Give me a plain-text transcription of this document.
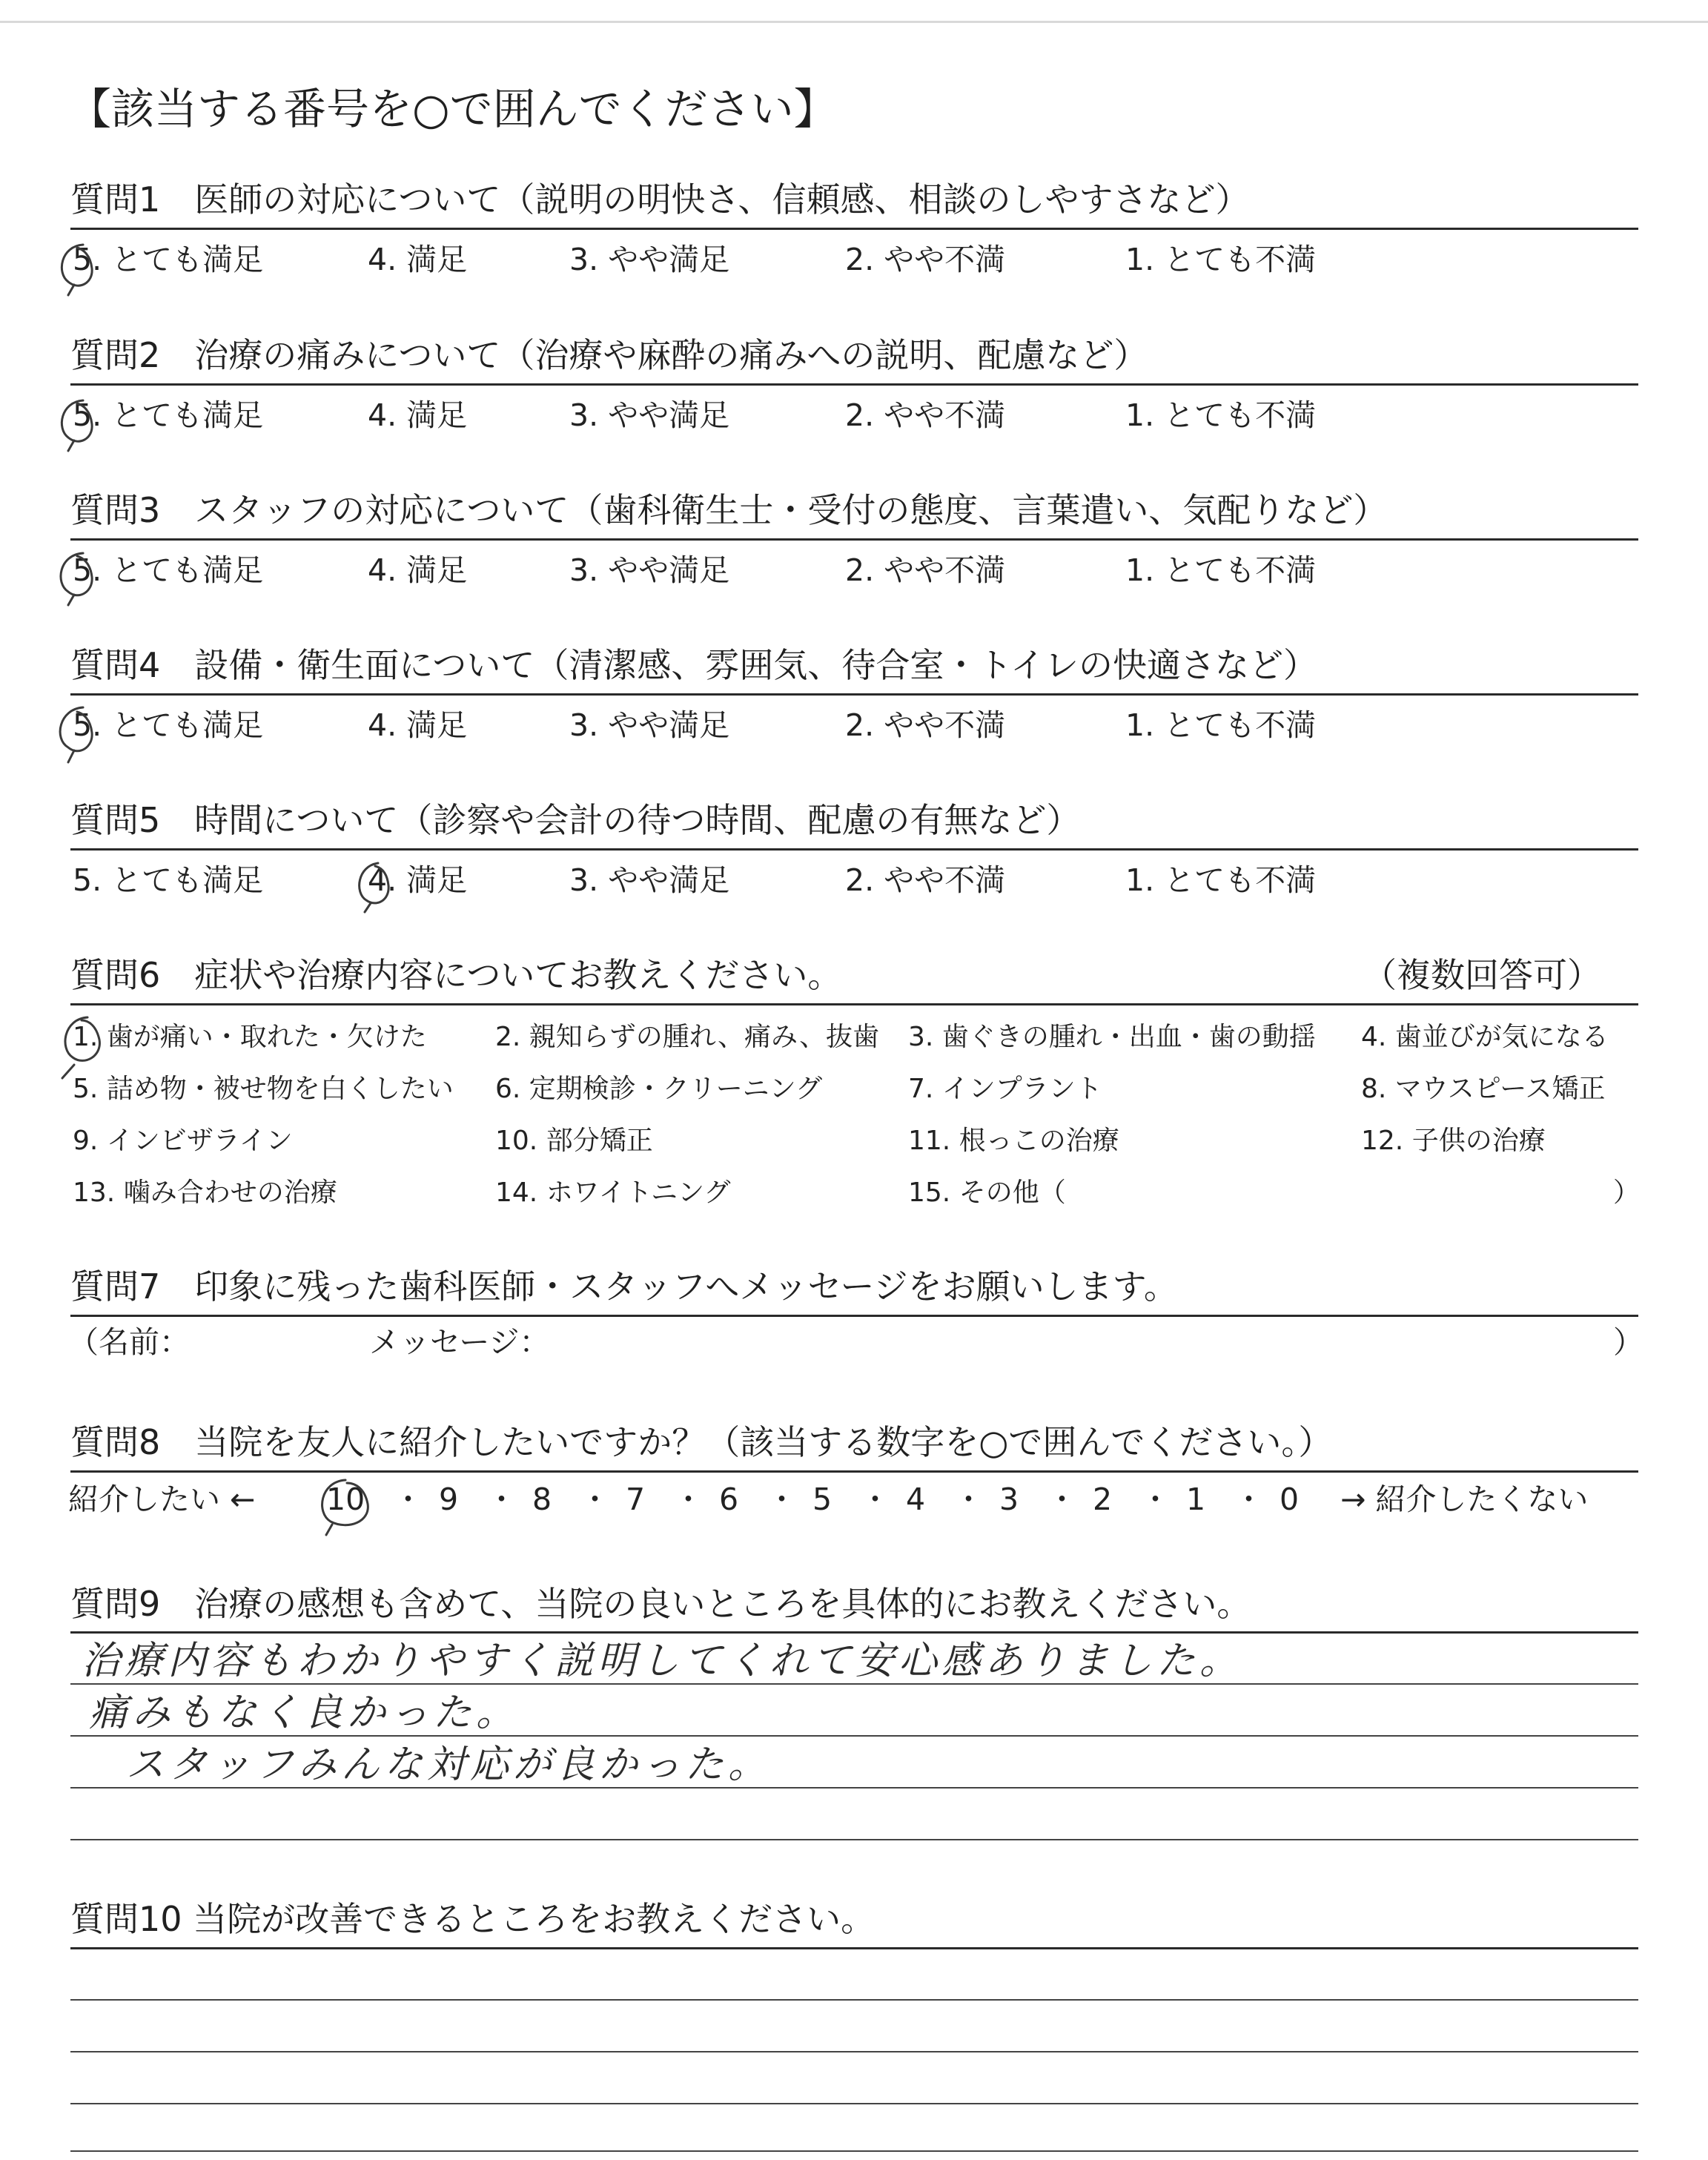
【該当する番号を○で囲んでください】
質問1　医師の対応について（説明の明快さ、信頼感、相談のしやすさなど）
5. とても満足	4. 満足	3. やや満足	2. やや不満	1. とても不満
質問2　治療の痛みについて（治療や麻酔の痛みへの説明、配慮など）
5. とても満足	4. 満足	3. やや満足	2. やや不満	1. とても不満
質問3　スタッフの対応について（歯科衛生士・受付の態度、言葉遣い、気配りなど）
5. とても満足	4. 満足	3. やや満足	2. やや不満	1. とても不満
質問4　設備・衛生面について（清潔感、雰囲気、待合室・トイレの快適さなど）
5. とても満足	4. 満足	3. やや満足	2. やや不満	1. とても不満
質問5　時間について（診察や会計の待つ時間、配慮の有無など）
5. とても満足	4. 満足	3. やや満足	2. やや不満	1. とても不満
質問6　症状や治療内容についてお教えください。	（複数回答可）
1. 歯が痛い・取れた・欠けた	2. 親知らずの腫れ、痛み、抜歯 3. 歯ぐきの腫れ・出血・歯の動揺 4. 歯並びが気になる
5. 詰め物・被せ物を白くしたい 6. 定期検診・クリーニング	7. インプラント	8. マウスピース矯正
9. インビザライン	10. 部分矯正	11. 根っこの治療	12. 子供の治療
13. 噛み合わせの治療	14. ホワイトニング	15. その他（	）
質問7　印象に残った歯科医師・スタッフへメッセージをお願いします。
（名前：	メッセージ：	）
質問8　当院を友人に紹介したいですか？（該当する数字を○で囲んでください。）
紹介したい ← 10 ・ 9 ・ 8 ・ 7 ・ 6 ・ 5 ・ 4 ・ 3 ・ 2 ・ 1 ・ 0 → 紹介したくない
質問9　治療の感想も含めて、当院の良いところを具体的にお教えください。
治療内容もわかりやすく説明してくれて安心感ありました。
痛みもなく良かった。
スタッフみんな対応が良かった。
質問10 当院が改善できるところをお教えください。
